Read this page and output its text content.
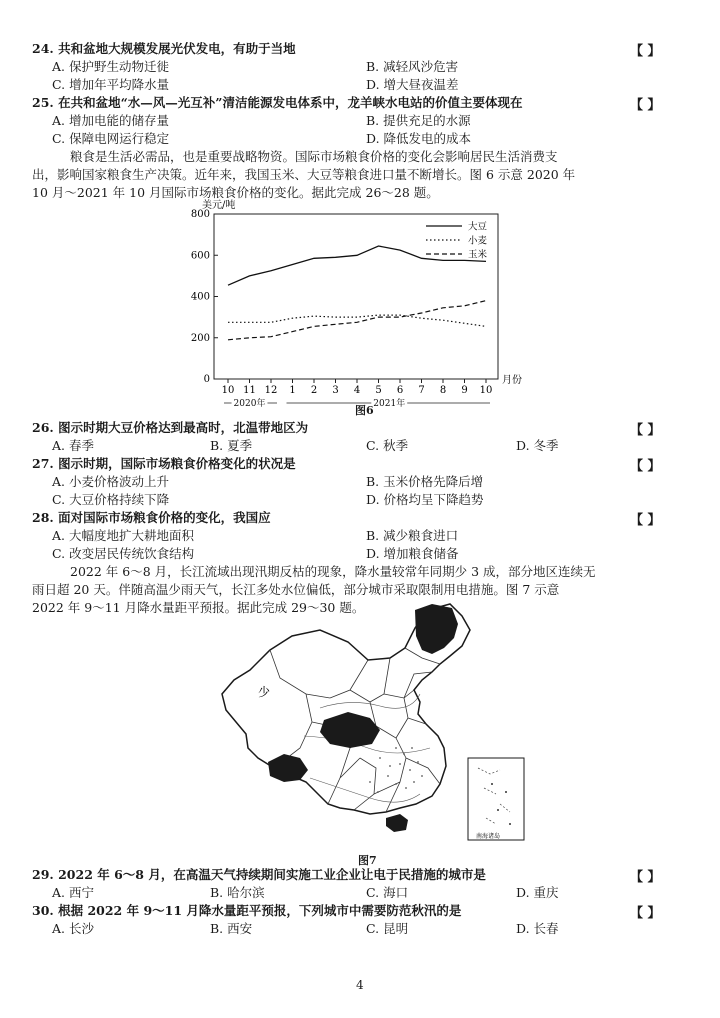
24. 共和盆地大规模发展光伏发电，有助于当地	【 】
A. 保护野生动物迁徙	B. 减轻风沙危害
C. 增加年平均降水量	D. 增大昼夜温差
25. 在共和盆地“水—风—光互补”清洁能源发电体系中，龙羊峡水电站的价值主要体现在	【 】
A. 增加电能的储存量	B. 提供充足的水源
C. 保障电网运行稳定	D. 降低发电的成本
粮食是生活必需品，也是重要战略物资。国际市场粮食价格的变化会影响居民生活消费支
出，影响国家粮食生产决策。近年来，我国玉米、大豆等粮食进口量不断增长。图 6 示意 2020 年
10 月～2021 年 10 月国际市场粮食价格的变化。据此完成 26～28 题。
美元/吨
0
200
400
600
800
10 11 12 1 2 3 4 5 6 7 8 9 10
大豆
小麦
玉米
月份
2020年	2021年
图6
26. 图示时期大豆价格达到最高时，北温带地区为	【 】
A. 春季	B. 夏季	C. 秋季	D. 冬季
27. 图示时期，国际市场粮食价格变化的状况是	【 】
A. 小麦价格波动上升	B. 玉米价格先降后增
C. 大豆价格持续下降	D. 价格均呈下降趋势
28. 面对国际市场粮食价格的变化，我国应	【 】
A. 大幅度地扩大耕地面积	B. 减少粮食进口
C. 改变居民传统饮食结构	D. 增加粮食储备
2022 年 6～8 月，长江流域出现汛期反枯的现象，降水量较常年同期少 3 成，部分地区连续无
雨日超 20 天。伴随高温少雨天气，长江多处水位偏低，部分城市采取限制用电措施。图 7 示意
2022 年 9～11 月降水量距平预报。据此完成 29～30 题。
少
南海诸岛
图7
29. 2022 年 6～8 月，在高温天气持续期间实施工业企业让电于民措施的城市是	【 】
A. 西宁	B. 哈尔滨	C. 海口	D. 重庆
30. 根据 2022 年 9～11 月降水量距平预报，下列城市中需要防范秋汛的是	【 】
A. 长沙	B. 西安	C. 昆明	D. 长春
4
